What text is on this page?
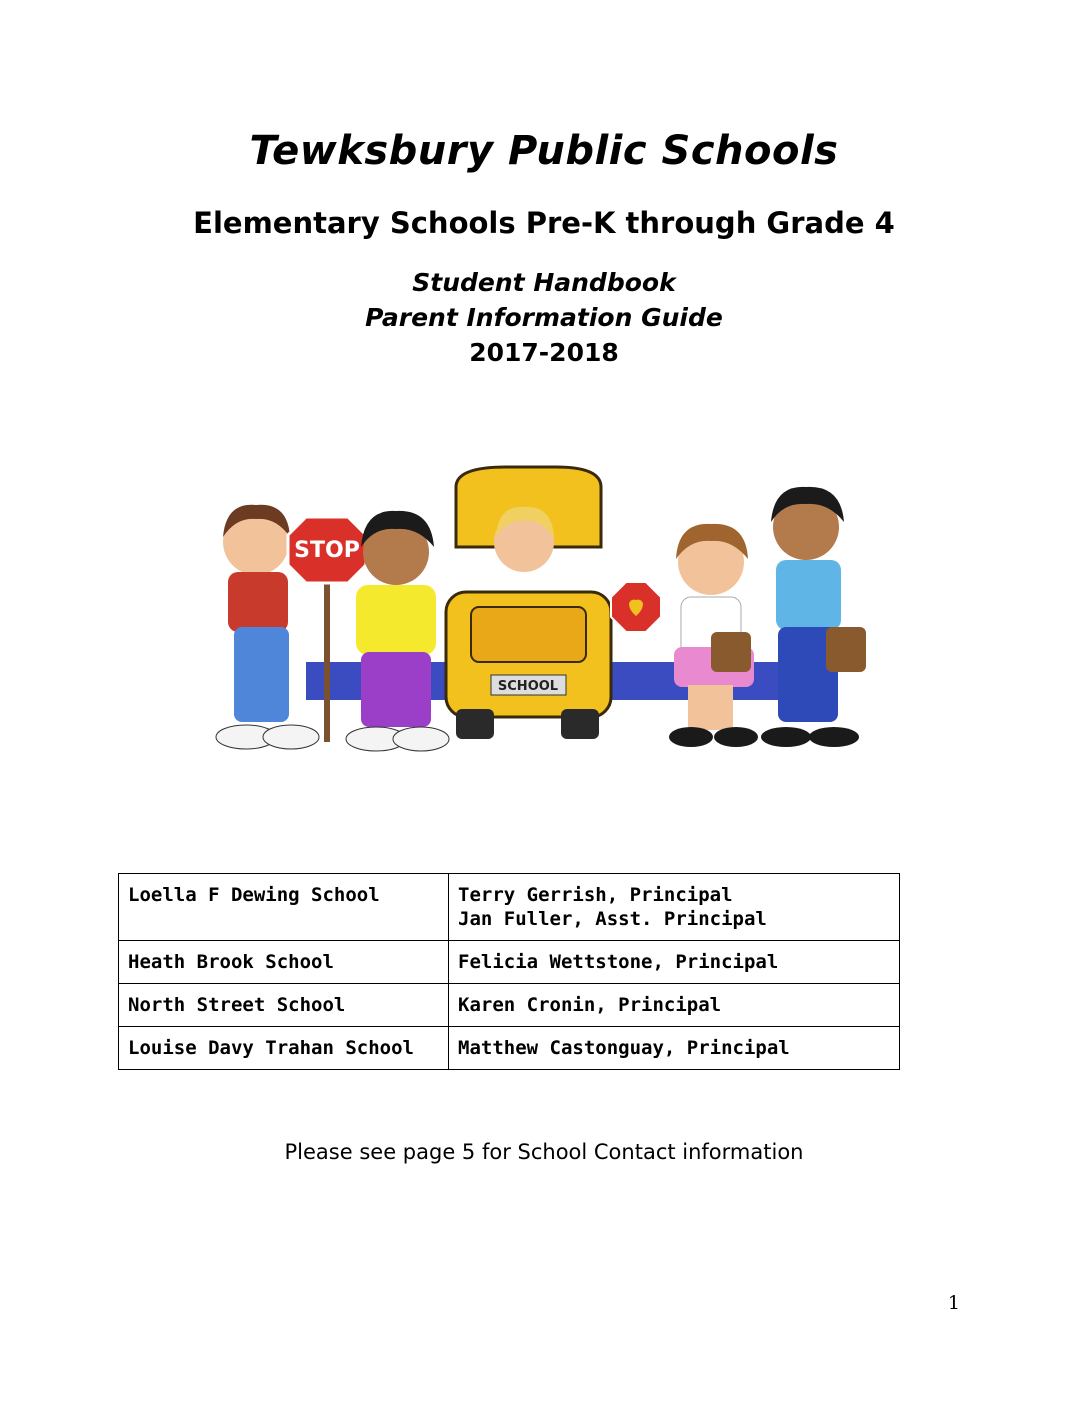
Tewksbury Public Schools
Elementary Schools Pre-K through Grade 4
Student Handbook
Parent Information Guide
2017-2018
STOP
SCHOOL
Loella F Dewing School	Terry Gerrish, Principal
Jan Fuller, Asst. Principal

Heath Brook School	Felicia Wettstone, Principal
North Street School	Karen Cronin, Principal
Louise Davy Trahan School	Matthew Castonguay, Principal
Please see page 5 for School Contact information
1
